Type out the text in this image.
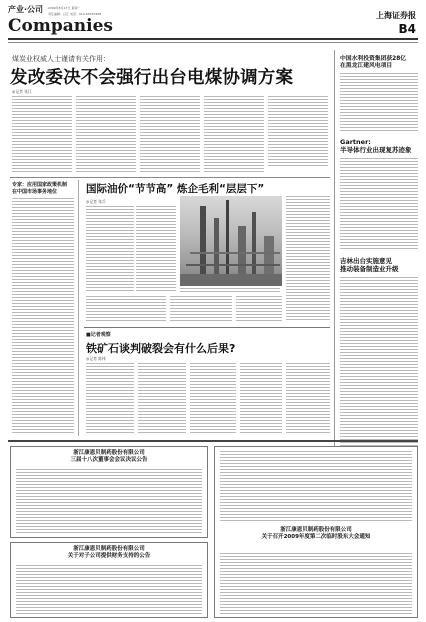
产业·公司 2009年8月17日 星期一
责任编辑：吕江 电话：010-63070368
Companies
上海证券报
B4
煤炭业权威人士谨请有关作用：
发改委决不会强行出台电煤协调方案
◎记者 张江
中国水利投资集团获28亿
在黑龙江建风电项目
Gartner:
半导体行业出现复苏迹象
吉林出台实施意见
推动装备制造业升级
专家：应用国家政策机制
在中国市场事务地位	国际油价“节节高” 炼企毛利“层层下”
◎记者 张兵
■记者观察
铁矿石谈判破裂会有什么后果?
◎记者 陈伟
浙江康恩贝制药股份有限公司
三届十八次董事会会议决议公告
浙江康恩贝制药股份有限公司
关于对子公司提供财务支持的公告
浙江康恩贝制药股份有限公司
关于召开2009年度第二次临时股东大会通知
